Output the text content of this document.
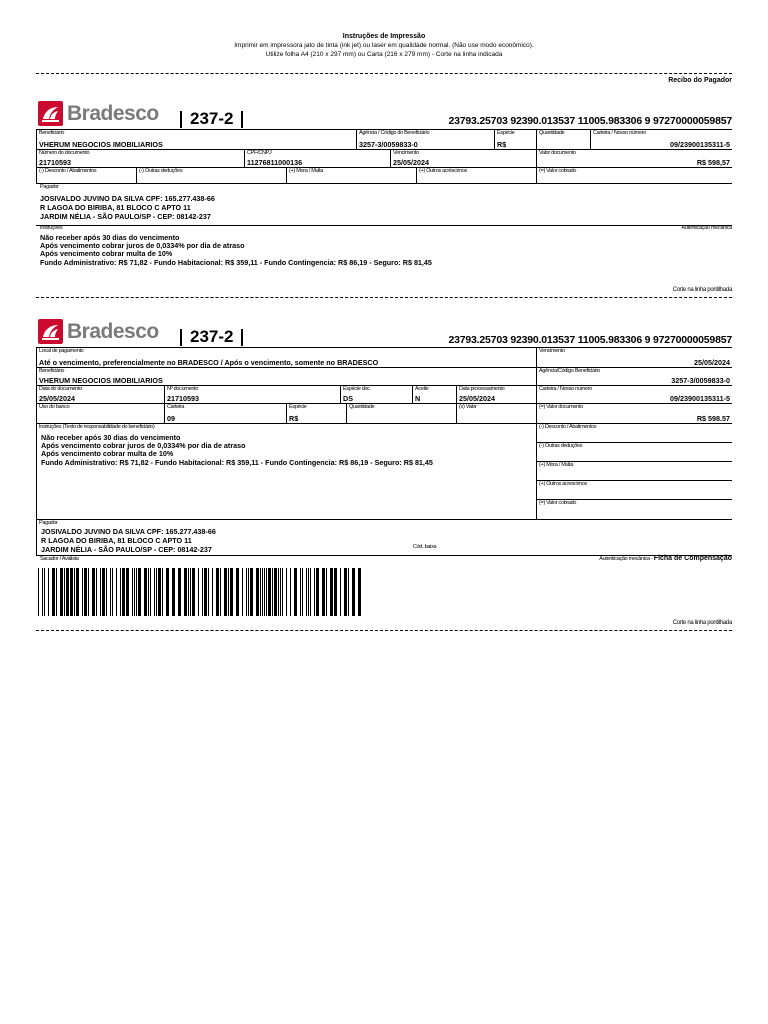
Instruções de Impressão
Imprimir em impressora jato de tinta (ink jet) ou laser em qualidade normal. (Não use modo econômico).
Utilize folha A4 (210 x 297 mm) ou Carta (216 x 279 mm) - Corte na linha indicada
Recibo do Pagador
Bradesco 237-2	23793.25703 92390.013537 11005.983306 9 97270000059857
Beneficiário
VHERUM NEGOCIOS IMOBILIARIOS
Agência / Código do Beneficiário
3257-3/0059833-0
Espécie
R$
Quantidade	Carteira / Nosso número
09/23900135311-5
Número do documento
21710593
CPF/CNPJ
11276811000136
Vencimento
25/05/2024
Valor documento
R$ 598,57
(-) Desconto / Abatimentos	(-) Outras deduções	(+) Mora / Multa	(+) Outros acréscimos	(=) Valor cobrado
Pagador
JOSIVALDO JUVINO DA SILVA CPF: 165.277.438-66
R LAGOA DO BIRIBA, 81 BLOCO C APTO 11
JARDIM NÉLIA - SÃO PAULO/SP - CEP: 08142-237
Instruções	Autenticação mecânica
Não receber após 30 dias do vencimento
Após vencimento cobrar juros de 0,0334% por dia de atraso
Após vencimento cobrar multa de 10%
Fundo Administrativo: R$ 71,82 - Fundo Habitacional: R$ 359,11 - Fundo Contingencia: R$ 86,19 - Seguro: R$ 81,45
Corte na linha pontilhada
Bradesco 237-2	23793.25703 92390.013537 11005.983306 9 97270000059857
Local de pagamento
Até o vencimento, preferencialmente no BRADESCO / Após o vencimento, somente no BRADESCO
Vencimento
25/05/2024
Beneficiário
VHERUM NEGOCIOS IMOBILIARIOS
Agência/Código Beneficiário
3257-3/0059833-0
Data do documento
25/05/2024
Nº documento
21710593
Espécie doc.
DS
Aceite
N
Data processamento
25/05/2024
Carteira / Nosso numero
09/23900135311-5
Uso do banco	Carteira
09
Espécie
R$
Quantidade	(x) Valor	(=) Valor documento
R$ 598.57
Instruções (Texto de responsabilidade do beneficiário)
Não receber após 30 dias do vencimento
Após vencimento cobrar juros de 0,0334% por dia de atraso
Após vencimento cobrar multa de 10%
Fundo Administrativo: R$ 71,82 - Fundo Habitacional: R$ 359,11 - Fundo Contingencia: R$ 86,19 - Seguro: R$ 81,45
(-) Desconto / Abatimentos
(-) Outras deduções
(+) Mora / Multa
(+) Outros acrescimos
(=) Valor cobrado
Pagador
JOSIVALDO JUVINO DA SILVA CPF: 165.277.438-66
R LAGOA DO BIRIBA, 81 BLOCO C APTO 11
JARDIM NÉLIA - SÃO PAULO/SP - CEP: 08142-237	Cód. baixa
Sacador / Avalista	Autenticação mecânica - Ficha de Compensação
Corte na linha pontilhada
